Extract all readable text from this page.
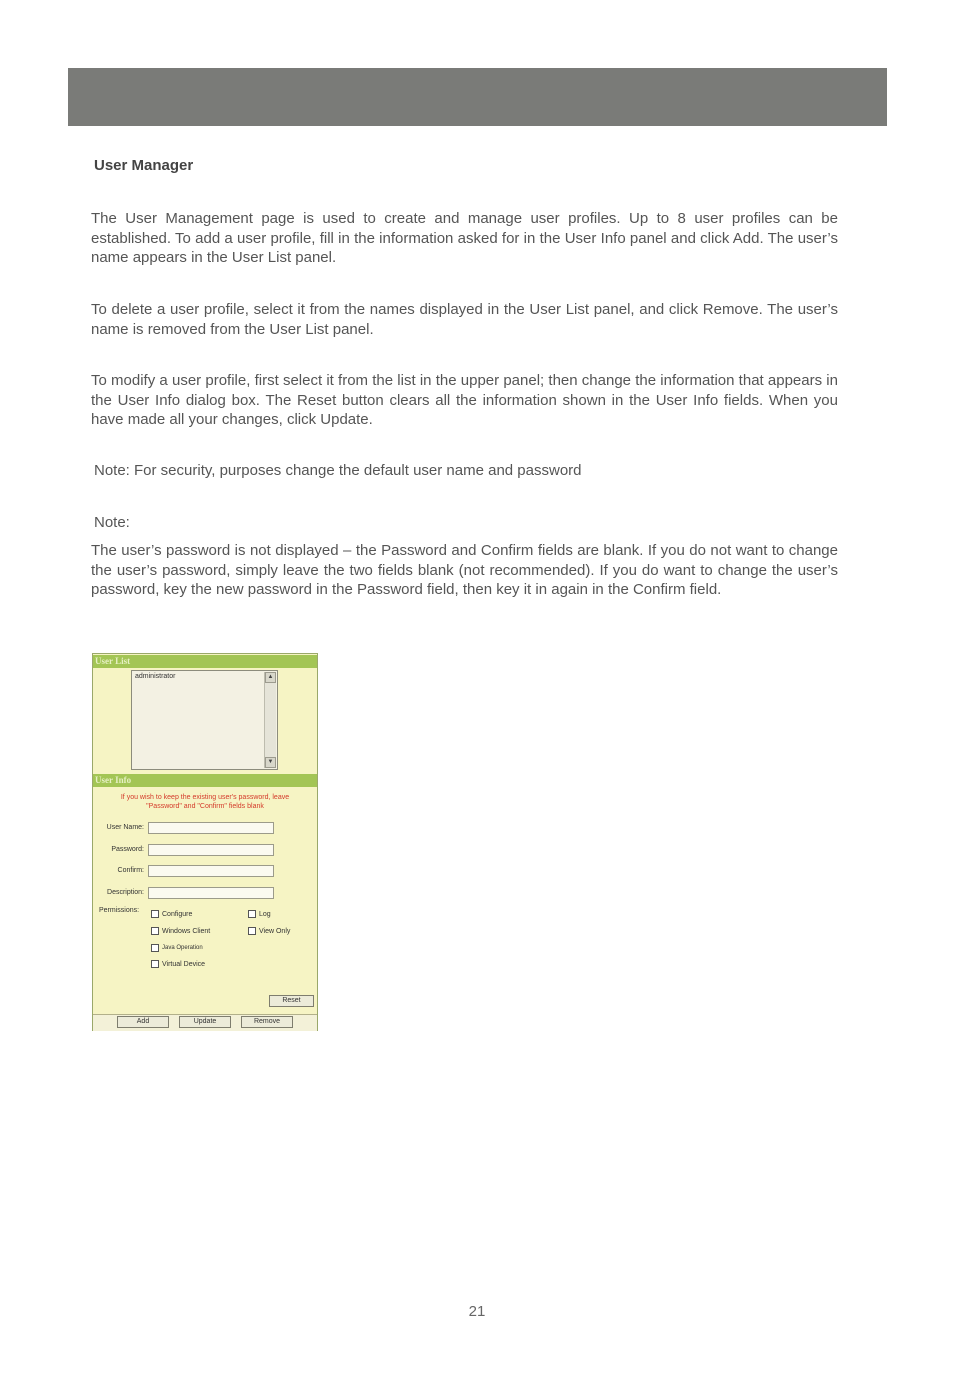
User Manager

The User Management page is used to create and manage user profiles. Up to 8 user profiles can be established. To add a user profile, fill in the information asked for in the User Info panel and click Add. The user’s name appears in the User List panel.

To delete a user profile, select it from the names displayed in the User List panel, and click Remove. The user’s name is removed from the User List panel.

To modify a user profile, first select it from the list in the upper panel; then change the information that appears in the User Info dialog box. The Reset button clears all the information shown in the User Info fields. When you have made all your changes, click Update.

Note: For security, purposes change the default user name and password

Note:

The user’s password is not displayed – the Password and Confirm fields are blank. If you do not want to change the user’s password, simply leave the two fields blank (not recommended). If you do want to change the user’s password, key the new password in the Password field, then key it in again in the Confirm field.

User List
administrator	▲
▼
User Info
If you wish to keep the existing user's password, leave "Password" and "Confirm" fields blank
User Name:
Password:
Confirm:
Description:
Permissions:
Configure	Log
Windows Client	View Only
Java Operation
Virtual Device
Reset
Add	Update	Remove
21
